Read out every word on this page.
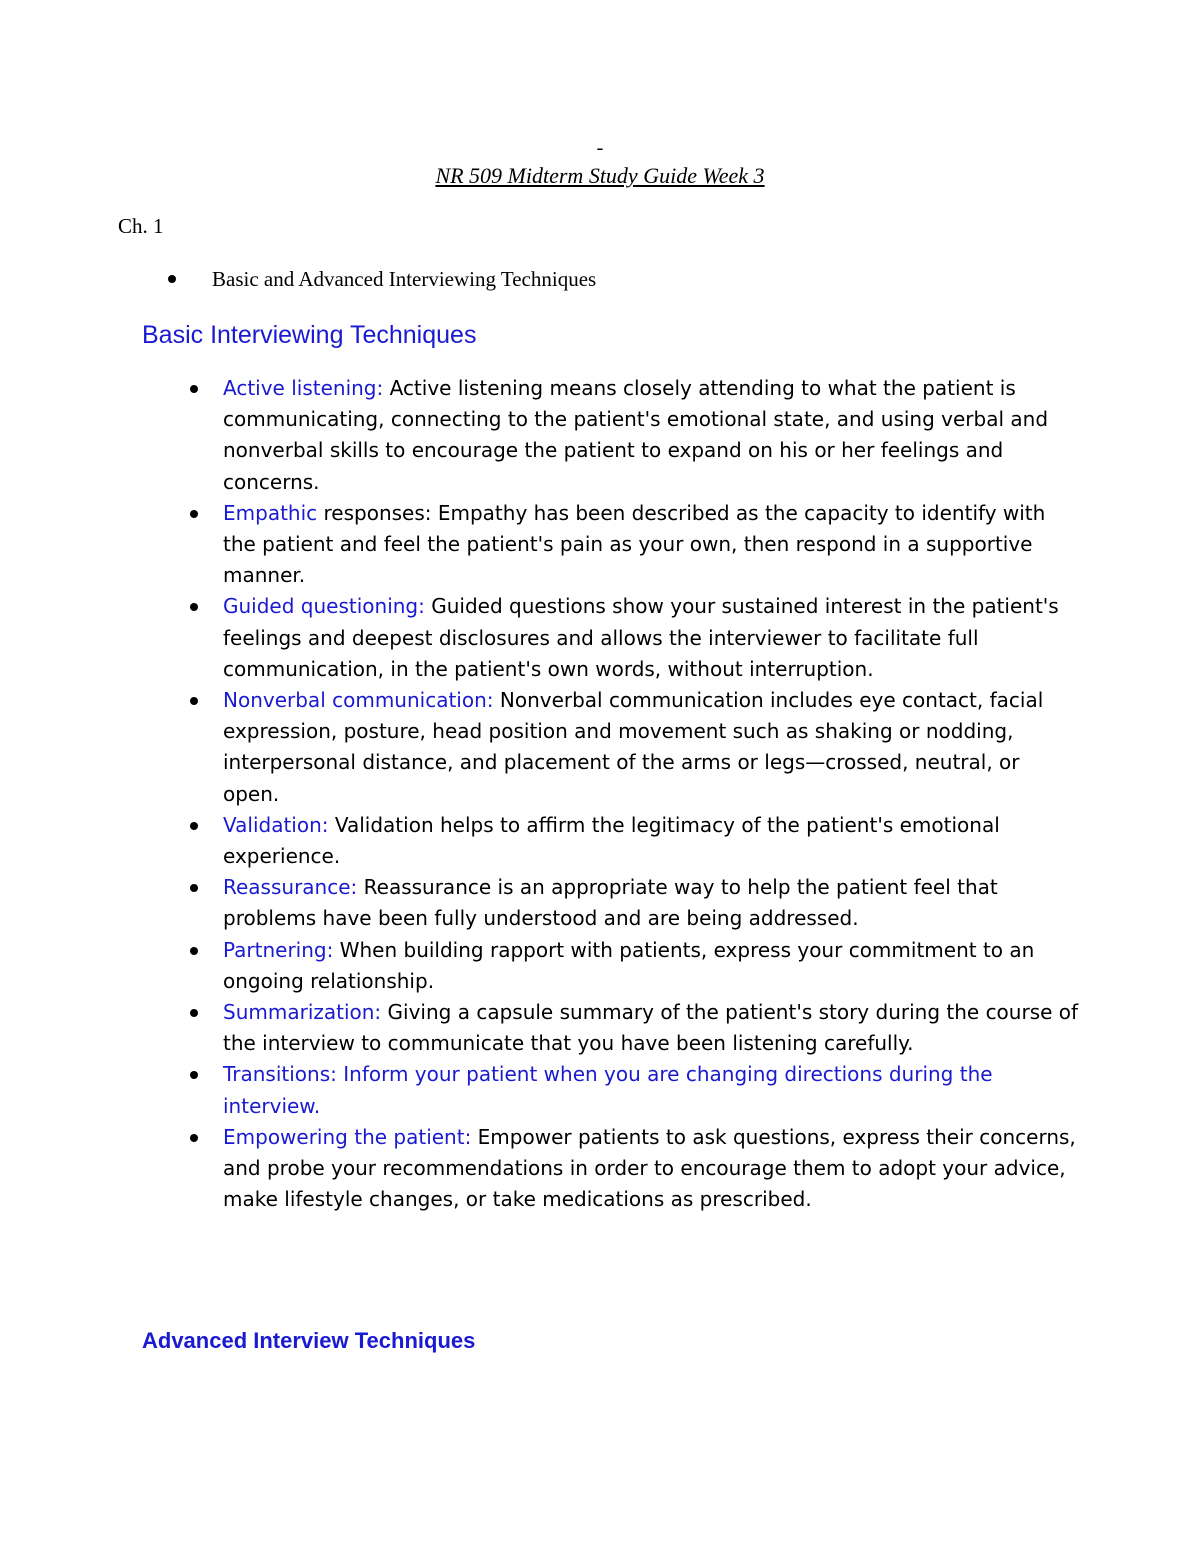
-
NR 509 Midterm Study Guide Week 3
Ch. 1
Basic and Advanced Interviewing Techniques
Basic Interviewing Techniques
Active listening: Active listening means closely attending to what the patient is communicating, connecting to the patient's emotional state, and using verbal and nonverbal skills to encourage the patient to expand on his or her feelings and concerns.
Empathic responses: Empathy has been described as the capacity to identify with the patient and feel the patient's pain as your own, then respond in a supportive manner.
Guided questioning: Guided questions show your sustained interest in the patient's feelings and deepest disclosures and allows the interviewer to facilitate full communication, in the patient's own words, without interruption.
Nonverbal communication: Nonverbal communication includes eye contact, facial expression, posture, head position and movement such as shaking or nodding, interpersonal distance, and placement of the arms or legs—crossed, neutral, or open.
Validation: Validation helps to affirm the legitimacy of the patient's emotional experience.
Reassurance: Reassurance is an appropriate way to help the patient feel that problems have been fully understood and are being addressed.
Partnering: When building rapport with patients, express your commitment to an ongoing relationship.
Summarization: Giving a capsule summary of the patient's story during the course of the interview to communicate that you have been listening carefully.
Transitions: Inform your patient when you are changing directions during the interview.
Empowering the patient: Empower patients to ask questions, express their concerns, and probe your recommendations in order to encourage them to adopt your advice, make lifestyle changes, or take medications as prescribed.
Advanced Interview Techniques
